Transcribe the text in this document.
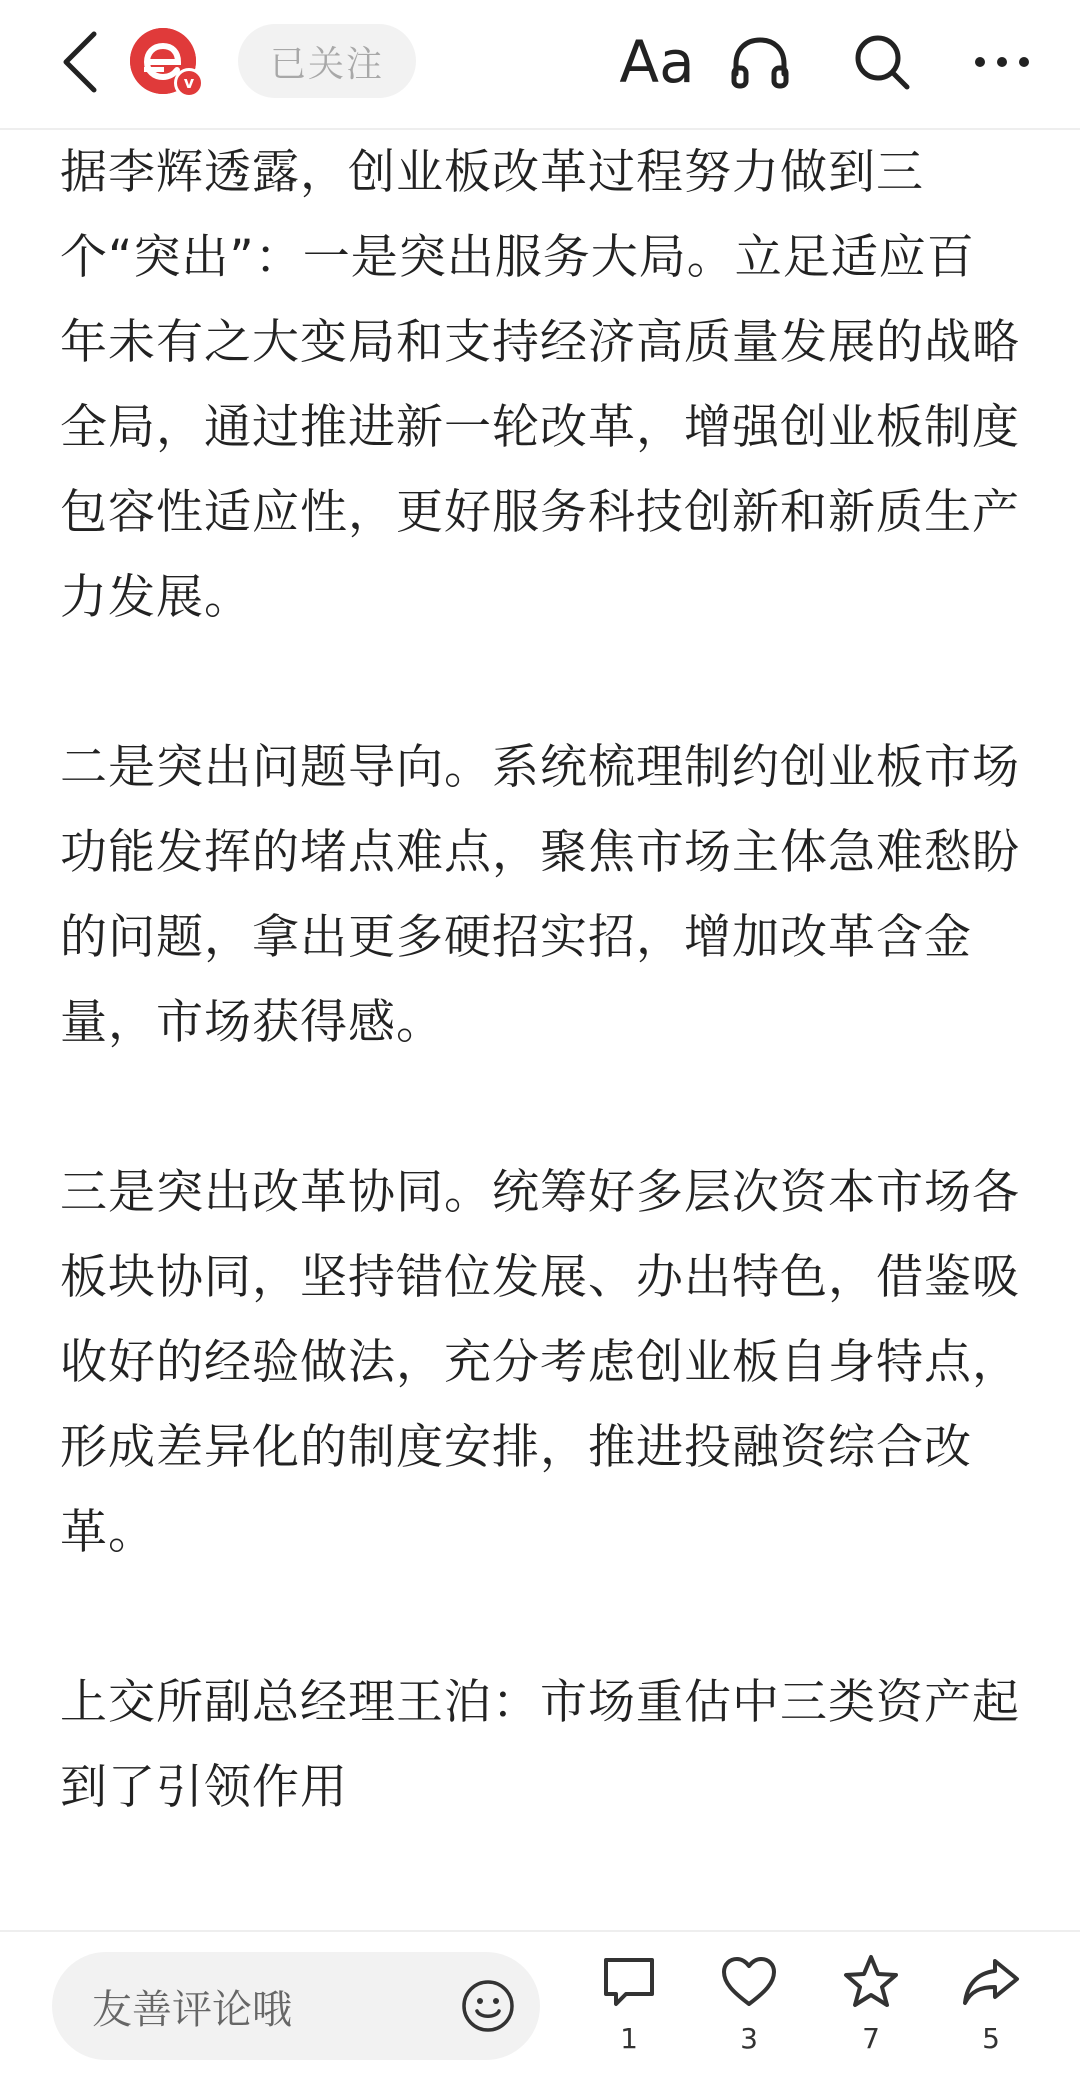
v	已关注	Aa

据李辉透露，创业板改革过程努力做到三个“突出”：一是突出服务大局。立足适应百年未有之大变局和支持经济高质量发展的战略全局，通过推进新一轮改革，增强创业板制度包容性适应性，更好服务科技创新和新质生产力发展。

二是突出问题导向。系统梳理制约创业板市场功能发挥的堵点难点，聚焦市场主体急难愁盼的问题，拿出更多硬招实招，增加改革含金量，市场获得感。

三是突出改革协同。统筹好多层次资本市场各板块协同，坚持错位发展、办出特色，借鉴吸收好的经验做法，充分考虑创业板自身特点，形成差异化的制度安排，推进投融资综合改革。

上交所副总经理王泊：市场重估中三类资产起到了引领作用

友善评论哦
1	3	7	5
